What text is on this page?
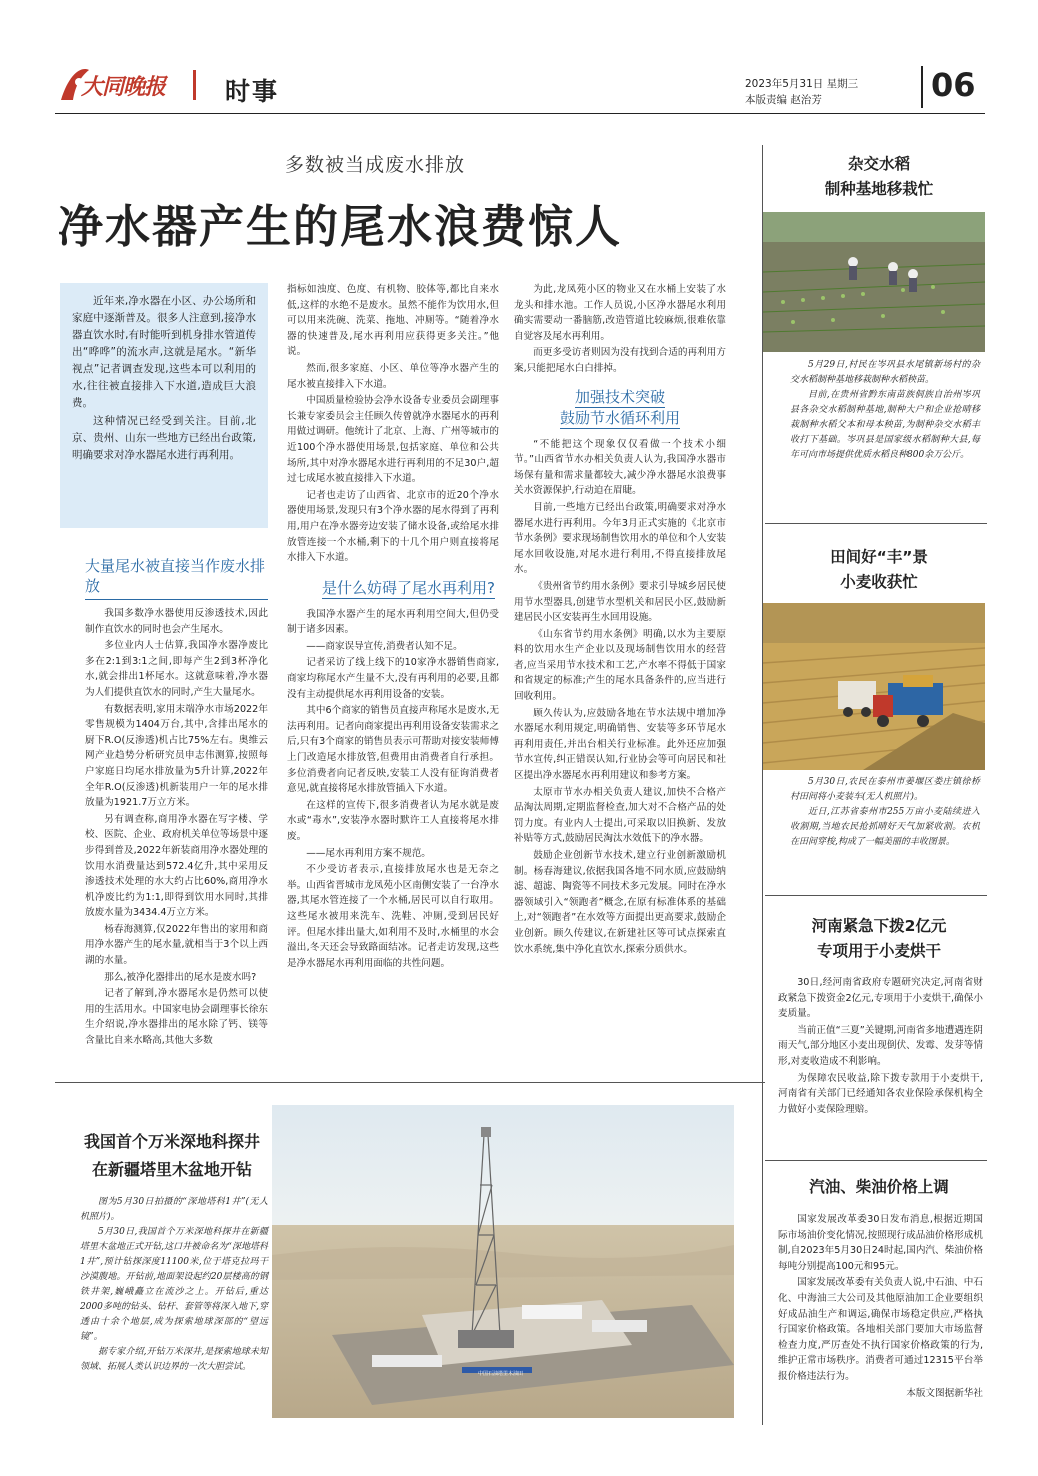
大同晚报 时事	2023年5月31日 星期三
本版责编 赵治芳	06
多数被当成废水排放
净水器产生的尾水浪费惊人

近年来,净水器在小区、办公场所和家庭中逐渐普及。很多人注意到,接净水器直饮水时,有时能听到机身排水管道传出“哗哗”的流水声,这就是尾水。“新华视点”记者调查发现,这些本可以利用的水,往往被直接排入下水道,造成巨大浪费。

这种情况已经受到关注。目前,北京、贵州、山东一些地方已经出台政策,明确要求对净水器尾水进行再利用。

大量尾水被直接当作废水排放

我国多数净水器使用反渗透技术,因此制作直饮水的同时也会产生尾水。

多位业内人士估算,我国净水器净废比多在2:1到3:1之间,即每产生2到3杯净化水,就会排出1杯尾水。这就意味着,净水器为人们提供直饮水的同时,产生大量尾水。

有数据表明,家用末端净水市场2022年零售规模为1404万台,其中,含排出尾水的厨下R.O(反渗透)机占比75%左右。奥维云网产业趋势分析研究员申志伟测算,按照每户家庭日均尾水排放量为5升计算,2022年全年R.O(反渗透)机新装用户一年的尾水排放量为1921.7万立方米。

另有调查称,商用净水器在写字楼、学校、医院、企业、政府机关单位等场景中逐步得到普及,2022年新装商用净水器处理的饮用水消费量达到572.4亿升,其中采用反渗透技术处理的水大约占比60%,商用净水机净废比约为1:1,即得到饮用水同时,其排放废水量为3434.4万立方米。

杨春海测算,仅2022年售出的家用和商用净水器产生的尾水量,就相当于3个以上西湖的水量。

那么,被净化器排出的尾水是废水吗?

记者了解到,净水器尾水是仍然可以使用的生活用水。中国家电协会副理事长徐东生介绍说,净水器排出的尾水除了钙、镁等含量比自来水略高,其他大多数

指标如浊度、色度、有机物、胶体等,都比自来水低,这样的水绝不是废水。虽然不能作为饮用水,但可以用来洗碗、洗菜、拖地、冲厕等。“随着净水器的快速普及,尾水再利用应获得更多关注。”他说。

然而,很多家庭、小区、单位等净水器产生的尾水被直接排入下水道。

中国质量检验协会净水设备专业委员会副理事长兼专家委员会主任顾久传曾就净水器尾水的再利用做过调研。他统计了北京、上海、广州等城市的近100个净水器使用场景,包括家庭、单位和公共场所,其中对净水器尾水进行再利用的不足30户,超过七成尾水被直接排入下水道。

记者也走访了山西省、北京市的近20个净水器使用场景,发现只有3个净水器的尾水得到了再利用,用户在净水器旁边安装了储水设备,或给尾水排放管连接一个水桶,剩下的十几个用户则直接将尾水排入下水道。

是什么妨碍了尾水再利用?

我国净水器产生的尾水再利用空间大,但仍受制于诸多因素。

——商家误导宣传,消费者认知不足。

记者采访了线上线下的10家净水器销售商家,商家均称尾水产生量不大,没有再利用的必要,且都没有主动提供尾水再利用设备的安装。

其中6个商家的销售员直接声称尾水是废水,无法再利用。记者向商家提出再利用设备安装需求之后,只有3个商家的销售员表示可帮助对接安装师傅上门改造尾水排放管,但费用由消费者自行承担。多位消费者向记者反映,安装工人没有征询消费者意见,就直接将尾水排放管插入下水道。

在这样的宣传下,很多消费者认为尾水就是废水或“毒水”,安装净水器时默许工人直接将尾水排废。

——尾水再利用方案不规范。

不少受访者表示,直接排放尾水也是无奈之举。山西省晋城市龙凤苑小区南侧安装了一台净水器,其尾水管连接了一个水桶,居民可以自行取用。这些尾水被用来洗车、洗鞋、冲厕,受到居民好评。但尾水排出量大,如利用不及时,水桶里的水会溢出,冬天还会导致路面结冰。记者走访发现,这些是净水器尾水再利用面临的共性问题。

为此,龙凤苑小区的物业又在水桶上安装了水龙头和排水池。工作人员说,小区净水器尾水利用确实需要动一番脑筋,改造管道比较麻烦,很难依靠自觉容及尾水再利用。

而更多受访者则因为没有找到合适的再利用方案,只能把尾水白白排掉。

加强技术突破
鼓励节水循环利用

“不能把这个现象仅仅看做一个技术小细节。”山西省节水办相关负责人认为,我国净水器市场保有量和需求量都较大,减少净水器尾水浪费事关水资源保护,行动迫在眉睫。

目前,一些地方已经出台政策,明确要求对净水器尾水进行再利用。今年3月正式实施的《北京市节水条例》要求现场制售饮用水的单位和个人安装尾水回收设施,对尾水进行利用,不得直接排放尾水。

《贵州省节约用水条例》要求引导城乡居民使用节水型器具,创建节水型机关和居民小区,鼓励新建居民小区安装再生水回用设施。

《山东省节约用水条例》明确,以水为主要原料的饮用水生产企业以及现场制售饮用水的经营者,应当采用节水技术和工艺,产水率不得低于国家和省规定的标准;产生的尾水具备条件的,应当进行回收利用。

顾久传认为,应鼓励各地在节水法规中增加净水器尾水利用规定,明确销售、安装等多环节尾水再利用责任,并出台相关行业标准。此外还应加强节水宣传,纠正错误认知,行业协会等可向居民和社区提出净水器尾水再利用建议和参考方案。

太原市节水办相关负责人建议,加快不合格产品淘汰周期,定期监督检查,加大对不合格产品的处罚力度。有业内人士提出,可采取以旧换新、发放补贴等方式,鼓励居民淘汰水效低下的净水器。

鼓励企业创新节水技术,建立行业创新激励机制。杨春海建议,依据我国各地不同水质,应鼓励纳滤、超滤、陶瓷等不同技术多元发展。同时在净水器领域引入“领跑者”概念,在原有标准体系的基础上,对“领跑者”在水效等方面提出更高要求,鼓励企业创新。顾久传建议,在新建社区等可试点探索直饮水系统,集中净化直饮水,探索分质供水。

我国首个万米深地科探井
在新疆塔里木盆地开钻

图为5月30日拍摄的“深地塔科1井”(无人机照片)。

5月30日,我国首个万米深地科探井在新疆塔里木盆地正式开钻,这口井被命名为“深地塔科1井”,预计钻探深度11100米,位于塔克拉玛干沙漠腹地。开钻前,地面架设起约20层楼高的钢铁井架,巍峨矗立在流沙之上。开钻后,重达2000多吨的钻头、钻杆、套管等将深入地下,穿透由十余个地层,成为探索地球深部的“望远镜”。

据专家介绍,开钻万米深井,是探索地球未知领域、拓展人类认识边界的一次大胆尝试。

中国石油塔里木油田
杂交水稻
制种基地移栽忙

5月29日,村民在岑巩县水尾镇新场村的杂交水稻制种基地移栽制种水稻秧苗。

目前,在贵州省黔东南苗族侗族自治州岑巩县各杂交水稻制种基地,制种大户和企业抢晴移栽制种水稻父本和母本秧苗,为制种杂交水稻丰收打下基础。岑巩县是国家级水稻制种大县,每年可向市场提供优质水稻良种800余万公斤。

田间好“丰”景
小麦收获忙

5月30日,农民在泰州市姜堰区娄庄镇徐桥村田间将小麦装车(无人机照片)。

近日,江苏省泰州市255万亩小麦陆续进入收割期,当地农民抢抓晴好天气加紧收割。农机在田间穿梭,构成了一幅美丽的丰收图景。

河南紧急下拨2亿元
专项用于小麦烘干

30日,经河南省政府专题研究决定,河南省财政紧急下拨资金2亿元,专项用于小麦烘干,确保小麦质量。

当前正值“三夏”关键期,河南省多地遭遇连阴雨天气,部分地区小麦出现倒伏、发霉、发芽等情形,对麦收造成不利影响。

为保障农民收益,除下拨专款用于小麦烘干,河南省有关部门已经通知各农业保险承保机构全力做好小麦保险理赔。

汽油、柴油价格上调

国家发展改革委30日发布消息,根据近期国际市场油价变化情况,按照现行成品油价格形成机制,自2023年5月30日24时起,国内汽、柴油价格每吨分别提高100元和95元。

国家发展改革委有关负责人说,中石油、中石化、中海油三大公司及其他原油加工企业要组织好成品油生产和调运,确保市场稳定供应,严格执行国家价格政策。各地相关部门要加大市场监督检查力度,严厉查处不执行国家价格政策的行为,维护正常市场秩序。消费者可通过12315平台举报价格违法行为。

本版文图据新华社
